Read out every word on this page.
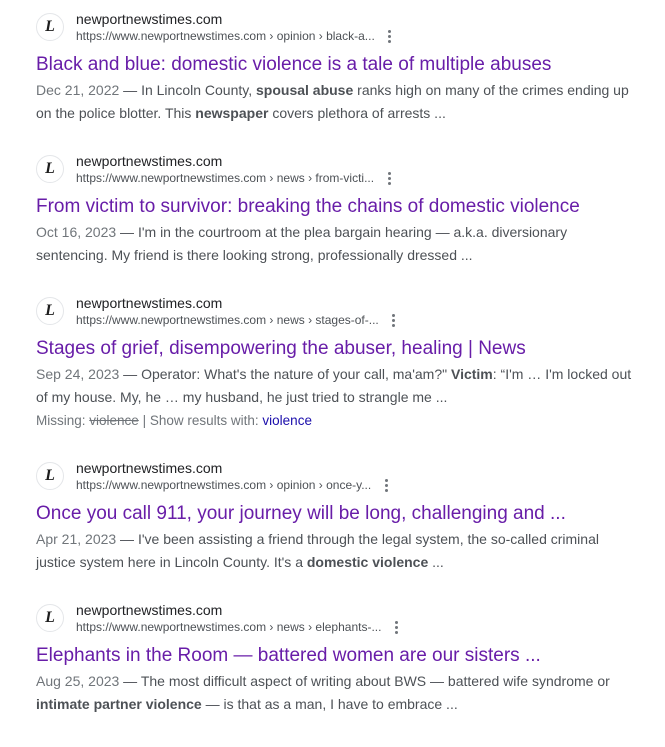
L newportnewstimes.com
https://www.newportnewstimes.com › opinion › black-a...
Black and blue: domestic violence is a tale of multiple abuses
Dec 21, 2022 — In Lincoln County, spousal abuse ranks high on many of the crimes ending up on the police blotter. This newspaper covers plethora of arrests ...
L newportnewstimes.com
https://www.newportnewstimes.com › news › from-victi...
From victim to survivor: breaking the chains of domestic violence
Oct 16, 2023 — I'm in the courtroom at the plea bargain hearing — a.k.a. diversionary sentencing. My friend is there looking strong, professionally dressed ...
L newportnewstimes.com
https://www.newportnewstimes.com › news › stages-of-...
Stages of grief, disempowering the abuser, healing | News
Sep 24, 2023 — Operator: What's the nature of your call, ma'am?" Victim: “I'm … I'm locked out of my house. My, he … my husband, he just tried to strangle me ...
Missing: violence | Show results with: violence
L newportnewstimes.com
https://www.newportnewstimes.com › opinion › once-y...
Once you call 911, your journey will be long, challenging and ...
Apr 21, 2023 — I've been assisting a friend through the legal system, the so-called criminal justice system here in Lincoln County. It's a domestic violence ...
L newportnewstimes.com
https://www.newportnewstimes.com › news › elephants-...
Elephants in the Room — battered women are our sisters ...
Aug 25, 2023 — The most difficult aspect of writing about BWS — battered wife syndrome or intimate partner violence — is that as a man, I have to embrace ...
